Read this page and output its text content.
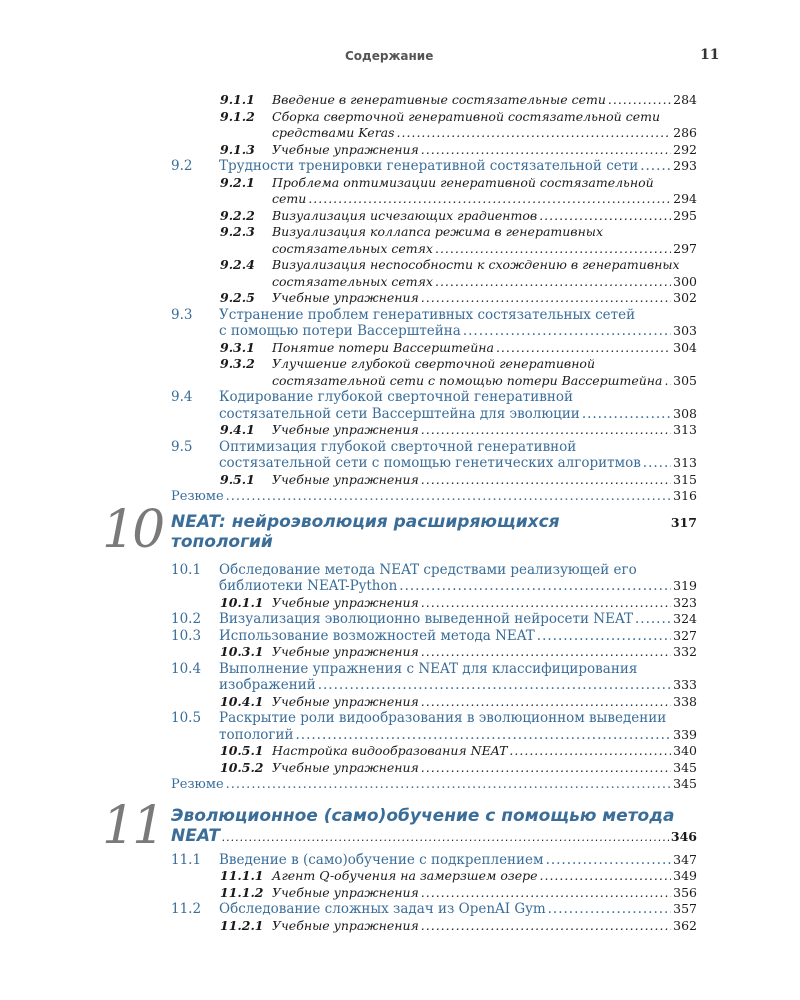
Содержание	11
9.1.1	Введение в генеративные состязательные сети .....	284
9.1.2	Сборка сверточной генеративной состязательной сети
средствами Keras .....	286
9.1.3	Учебные упражнения .....	292
9.2	Трудности тренировки генеративной состязательной сети .....	293
9.2.1	Проблема оптимизации генеративной состязательной
сети .....	294
9.2.2	Визуализация исчезающих градиентов .....	295
9.2.3	Визуализация коллапса режима в генеративных
состязательных сетях .....	297
9.2.4	Визуализация неспособности к схождению в генеративных
состязательных сетях .....	300
9.2.5	Учебные упражнения .....	302
9.3	Устранение проблем генеративных состязательных сетей
с помощью потери Вассерштейна .....	303
9.3.1	Понятие потери Вассерштейна .....	304
9.3.2	Улучшение глубокой сверточной генеративной
состязательной сети с помощью потери Вассерштейна ..... 305
9.4	Кодирование глубокой сверточной генеративной
состязательной сети Вассерштейна для эволюции .....	308
9.4.1	Учебные упражнения .....	313
9.5	Оптимизация глубокой сверточной генеративной
состязательной сети с помощью генетических алгоритмов .....	313
9.5.1	Учебные упражнения .....	315
Резюме .....	316
10 NEAT: нейроэволюция расширяющихся топологий
317
10.1	Обследование метода NEAT средствами реализующей его
библиотеки NEAT-Python .....	319
10.1.1 Учебные упражнения .....	323
10.2	Визуализация эволюционно выведенной нейросети NEAT .....	324
10.3	Использование возможностей метода NEAT .....	327
10.3.1 Учебные упражнения .....	332
10.4	Выполнение упражнения с NEAT для классифицирования
изображений .....	333
10.4.1 Учебные упражнения .....	338
10.5	Раскрытие роли видообразования в эволюционном выведении
топологий .....	339
10.5.1 Настройка видообразования NEAT .....	340
10.5.2 Учебные упражнения .....	345
Резюме .....	345
11 Эволюционное (само)обучение с помощью метода
NEAT .....	346
11.1	Введение в (само)обучение с подкреплением .....	347
11.1.1 Агент Q-обучения на замерзшем озере .....	349
11.1.2 Учебные упражнения .....	356
11.2	Обследование сложных задач из OpenAI Gym .....	357
11.2.1 Учебные упражнения .....	362
